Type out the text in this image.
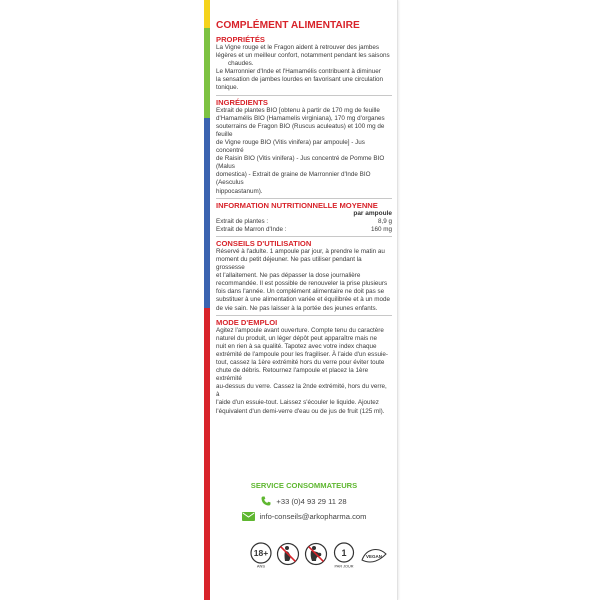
COMPLÉMENT ALIMENTAIRE
PROPRIÉTÉS
La Vigne rouge et le Fragon aident à retrouver des jambes
légères et un meilleur confort, notamment pendant les saisons
chaudes.
Le Marronnier d'Inde et l'Hamamélis contribuent à diminuer
la sensation de jambes lourdes en favorisant une circulation
tonique.
INGRÉDIENTS
Extrait de plantes BIO [obtenu à partir de 170 mg de feuille
d'Hamamélis BIO (Hamamelis virginiana), 170 mg d'organes
souterrains de Fragon BIO (Ruscus aculeatus) et 100 mg de feuille
de Vigne rouge BIO (Vitis vinifera) par ampoule] - Jus concentré
de Raisin BIO (Vitis vinifera) - Jus concentré de Pomme BIO (Malus
domestica) - Extrait de graine de Marronnier d'Inde BIO (Aesculus
hippocastanum).
INFORMATION NUTRITIONNELLE MOYENNE
par ampoule
Extrait de plantes :	8,9 g
Extrait de Marron d'Inde :	160 mg
CONSEILS D'UTILISATION
Réservé à l'adulte. 1 ampoule par jour, à prendre le matin au
moment du petit déjeuner. Ne pas utiliser pendant la grossesse
et l'allaitement. Ne pas dépasser la dose journalière
recommandée. Il est possible de renouveler la prise plusieurs
fois dans l'année. Un complément alimentaire ne doit pas se
substituer à une alimentation variée et équilibrée et à un mode
de vie sain. Ne pas laisser à la portée des jeunes enfants.
MODE D'EMPLOI
Agitez l'ampoule avant ouverture. Compte tenu du caractère
naturel du produit, un léger dépôt peut apparaître mais ne
nuit en rien à sa qualité. Tapotez avec votre index chaque
extrémité de l'ampoule pour les fragiliser. À l'aide d'un essuie-
tout, cassez la 1ère extrémité hors du verre pour éviter toute
chute de débris. Retournez l'ampoule et placez la 1ère extrémité
au-dessus du verre. Cassez la 2nde extrémité, hors du verre, à
l'aide d'un essuie-tout. Laissez s'écouler le liquide. Ajoutez
l'équivalent d'un demi-verre d'eau ou de jus de fruit (125 ml).
SERVICE CONSOMMATEURS
+33 (0)4 93 29 11 28
info-conseils@arkopharma.com
18+
ANS
1
PAR JOUR
VEGAN
